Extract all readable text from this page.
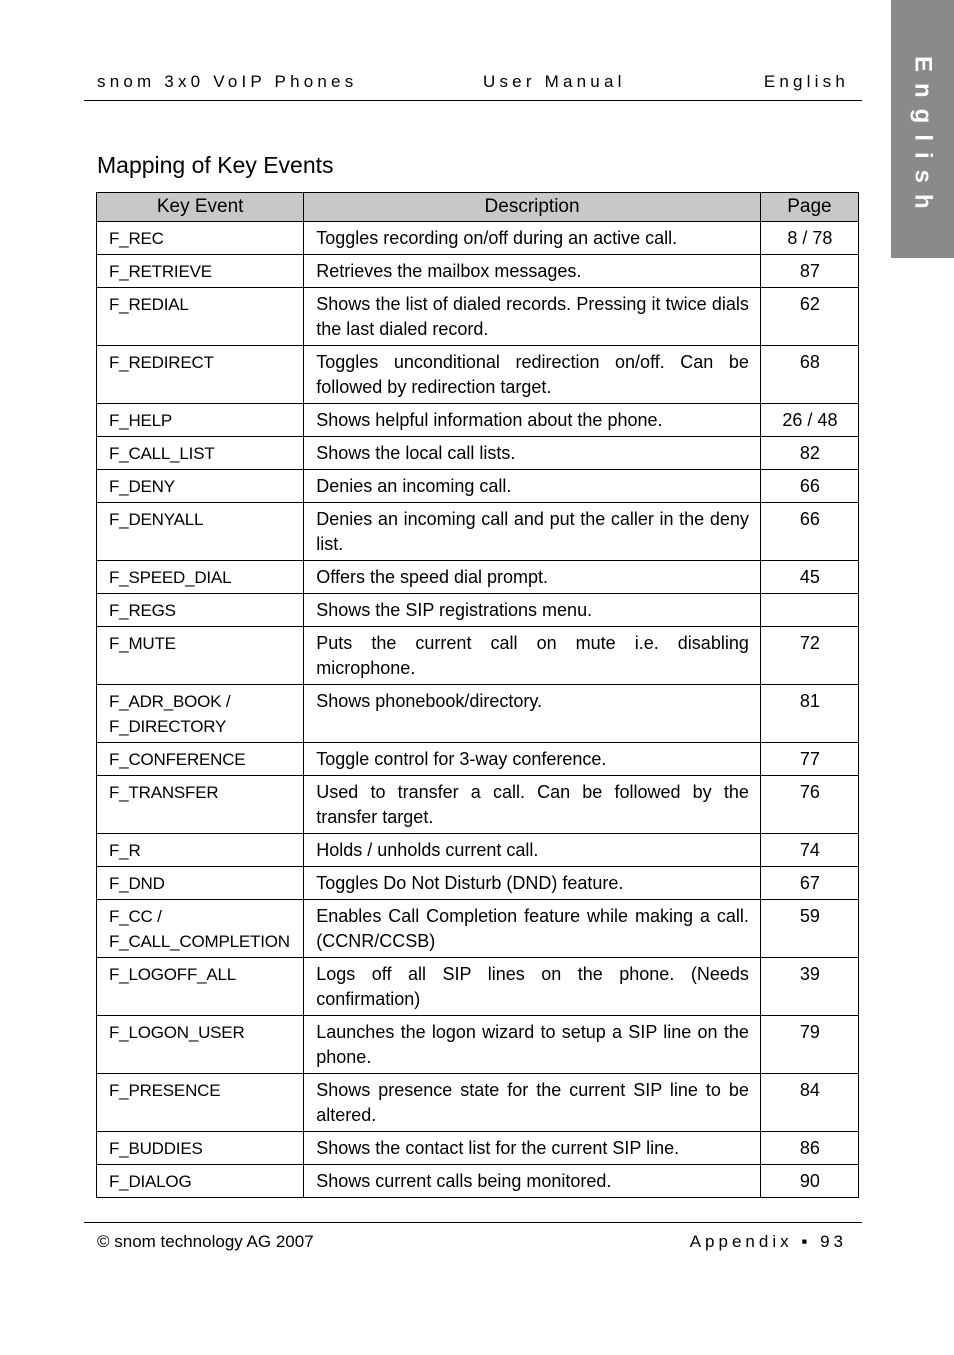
snom 3x0 VoIP Phones	User Manual	English	English
Mapping of Key Events
Key Event	Description	Page
F_REC	Toggles recording on/off during an active call.	8 / 78
F_RETRIEVE	Retrieves the mailbox messages.	87
F_REDIAL	Shows the list of dialed records. Pressing it twice dials the last dialed record.	62
F_REDIRECT	Toggles unconditional redirection on/off. Can be followed by redirection target.	68
F_HELP	Shows helpful information about the phone.	26 / 48
F_CALL_LIST	Shows the local call lists.	82
F_DENY	Denies an incoming call.	66
F_DENYALL	Denies an incoming call and put the caller in the deny list.	66
F_SPEED_DIAL	Offers the speed dial prompt.	45
F_REGS	Shows the SIP registrations menu.	
F_MUTE	Puts the current call on mute i.e. disabling microphone.	72
F_ADR_BOOK / F_DIRECTORY	Shows phonebook/directory.	81
F_CONFERENCE	Toggle control for 3-way conference.	77
F_TRANSFER	Used to transfer a call. Can be followed by the transfer target.	76
F_R	Holds / unholds current call.	74
F_DND	Toggles Do Not Disturb (DND) feature.	67
F_CC / F_CALL_COMPLETION	Enables Call Completion feature while making a call. (CCNR/CCSB)	59
F_LOGOFF_ALL	Logs off all SIP lines on the phone. (Needs confirmation)	39
F_LOGON_USER	Launches the logon wizard to setup a SIP line on the phone.	79
F_PRESENCE	Shows presence state for the current SIP line to be altered.	84
F_BUDDIES	Shows the contact list for the current SIP line.	86
F_DIALOG	Shows current calls being monitored.	90
© snom technology AG 2007	Appendix ▪ 93
